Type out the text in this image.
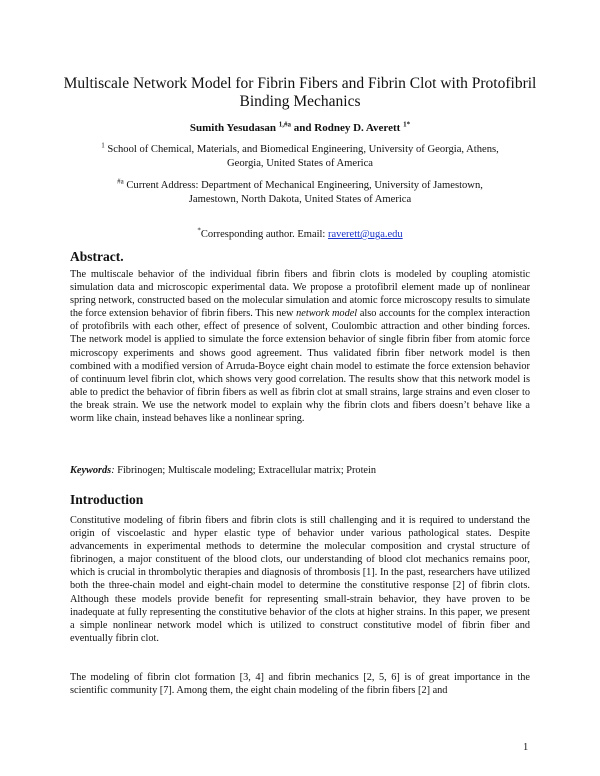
Multiscale Network Model for Fibrin Fibers and Fibrin Clot with Protofibril
Binding Mechanics
Sumith Yesudasan $^{1,\#a}$ and Rodney D. Averett $^{1*}$
$^1$ School of Chemical, Materials, and Biomedical Engineering, University of Georgia, Athens,
Georgia, United States of America
$^{\#a}$ Current Address: Department of Mechanical Engineering, University of Jamestown,
Jamestown, North Dakota, United States of America
*Corresponding author. Email: raverett@uga.edu
Abstract.
The multiscale behavior of the individual fibrin fibers and fibrin clots is modeled by coupling atomistic simulation data and microscopic experimental data. We propose a protofibril element made up of nonlinear spring network, constructed based on the molecular simulation and atomic force microscopy results to simulate the force extension behavior of fibrin fibers. This new network model also accounts for the complex interaction of protofibrils with each other, effect of presence of solvent, Coulombic attraction and other binding forces. The network model is applied to simulate the force extension behavior of single fibrin fiber from atomic force microscopy experiments and shows good agreement. Thus validated fibrin fiber network model is then combined with a modified version of Arruda-Boyce eight chain model to estimate the force extension behavior of continuum level fibrin clot, which shows very good correlation. The results show that this network model is able to predict the behavior of fibrin fibers as well as fibrin clot at small strains, large strains and even closer to the break strain. We use the network model to explain why the fibrin clots and fibers doesn’t behave like a worm like chain, instead behaves like a nonlinear spring.
Keywords: Fibrinogen; Multiscale modeling; Extracellular matrix; Protein
Introduction
Constitutive modeling of fibrin fibers and fibrin clots is still challenging and it is required to understand the origin of viscoelastic and hyper elastic type of behavior under various pathological states. Despite advancements in experimental methods to determine the molecular composition and crystal structure of fibrinogen, a major constituent of the blood clots, our understanding of blood clot mechanics remains poor, which is crucial in thrombolytic therapies and diagnosis of thrombosis [1]. In the past, researchers have utilized both the three-chain model and eight-chain model to determine the constitutive response [2] of fibrin clots. Although these models provide benefit for representing small-strain behavior, they have proven to be inadequate at fully representing the constitutive behavior of the clots at higher strains. In this paper, we present a simple nonlinear network model which is utilized to construct constitutive model of fibrin fiber and eventually fibrin clot.
The modeling of fibrin clot formation [3, 4] and fibrin mechanics [2, 5, 6] is of great importance in the scientific community [7]. Among them, the eight chain modeling of the fibrin fibers [2] and
1
